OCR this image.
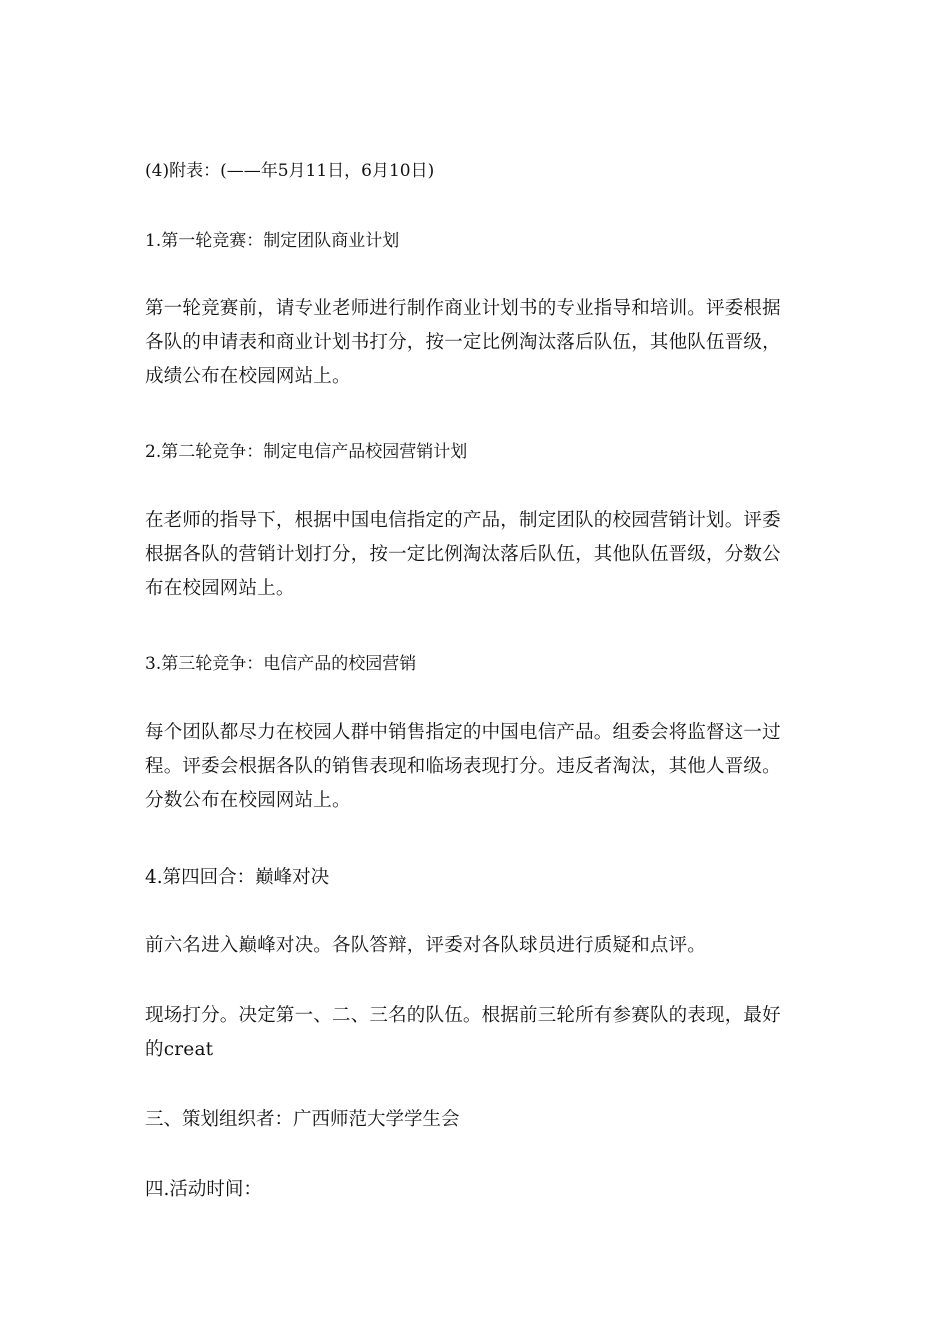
(4)附表：(——年5月11日，6月10日)

1.第一轮竞赛：制定团队商业计划

第一轮竞赛前，请专业老师进行制作商业计划书的专业指导和培训。评委根据
各队的申请表和商业计划书打分，按一定比例淘汰落后队伍，其他队伍晋级，
成绩公布在校园网站上。

2.第二轮竞争：制定电信产品校园营销计划

在老师的指导下，根据中国电信指定的产品，制定团队的校园营销计划。评委
根据各队的营销计划打分，按一定比例淘汰落后队伍，其他队伍晋级，分数公
布在校园网站上。

3.第三轮竞争：电信产品的校园营销

每个团队都尽力在校园人群中销售指定的中国电信产品。组委会将监督这一过
程。评委会根据各队的销售表现和临场表现打分。违反者淘汰，其他人晋级。
分数公布在校园网站上。

4.第四回合：巅峰对决

前六名进入巅峰对决。各队答辩，评委对各队球员进行质疑和点评。
现场打分。决定第一、二、三名的队伍。根据前三轮所有参赛队的表现，最好
的creat

三、策划组织者：广西师范大学学生会

四.活动时间：
